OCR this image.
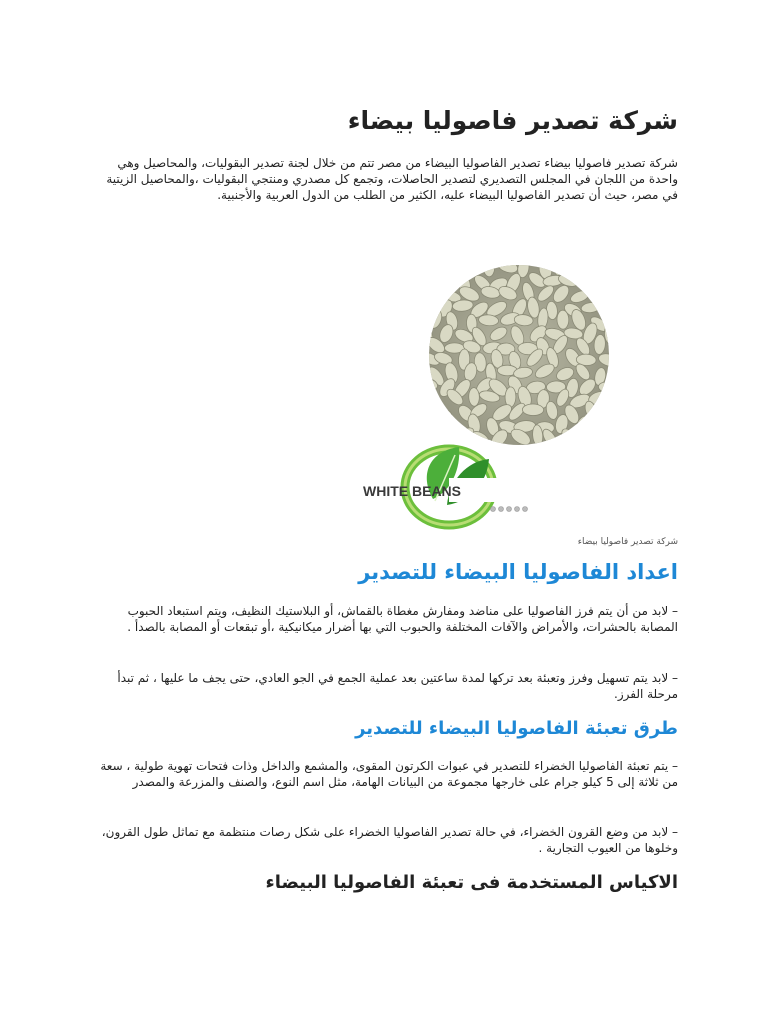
شركة تصدير فاصوليا بيضاء

شركة تصدير فاصوليا بيضاء تصدير الفاصوليا البيضاء من مصر تتم من خلال لجنة تصدير البقوليات، والمحاصيل وهي واحدة من اللجان في المجلس التصديري لتصدير الحاصلات، وتجمع كل مصدري ومنتجي البقوليات ،والمحاصيل الزيتية في مصر، حيث أن تصدير الفاصوليا البيضاء عليه، الكثير من الطلب من الدول العربية والأجنبية.

WHITE BEANS

شركة تصدير فاصوليا بيضاء

اعداد الفاصوليا البيضاء للتصدير

– لابد من أن يتم فرز الفاصوليا على مناضد ومفارش مغطاة بالقماش، أو البلاستيك النظيف، ويتم استبعاد الحبوب المصابة بالحشرات، والأمراض والآفات المختلفة والحبوب التي بها أضرار ميكانيكية ،أو تبقعات أو المصابة بالصدأ .

– لابد يتم تسهيل وفرز وتعبئة بعد تركها لمدة ساعتين بعد عملية الجمع في الجو العادي، حتى يجف ما عليها ، ثم تبدأ مرحلة الفرز.

طرق تعبئة الفاصوليا البيضاء للتصدير

– يتم تعبئة الفاصوليا الخضراء للتصدير في عبوات الكرتون المقوى، والمشمع والداخل وذات فتحات تهوية طولية ، سعة من ثلاثة إلى 5 كيلو جرام على خارجها مجموعة من البيانات الهامة، مثل اسم النوع، والصنف والمزرعة والمصدر

– لابد من وضع القرون الخضراء، في حالة تصدير الفاصوليا الخضراء على شكل رصات منتظمة مع تماثل طول القرون، وخلوها من العيوب التجارية .

الاكياس المستخدمة فى تعبئة الفاصوليا البيضاء
